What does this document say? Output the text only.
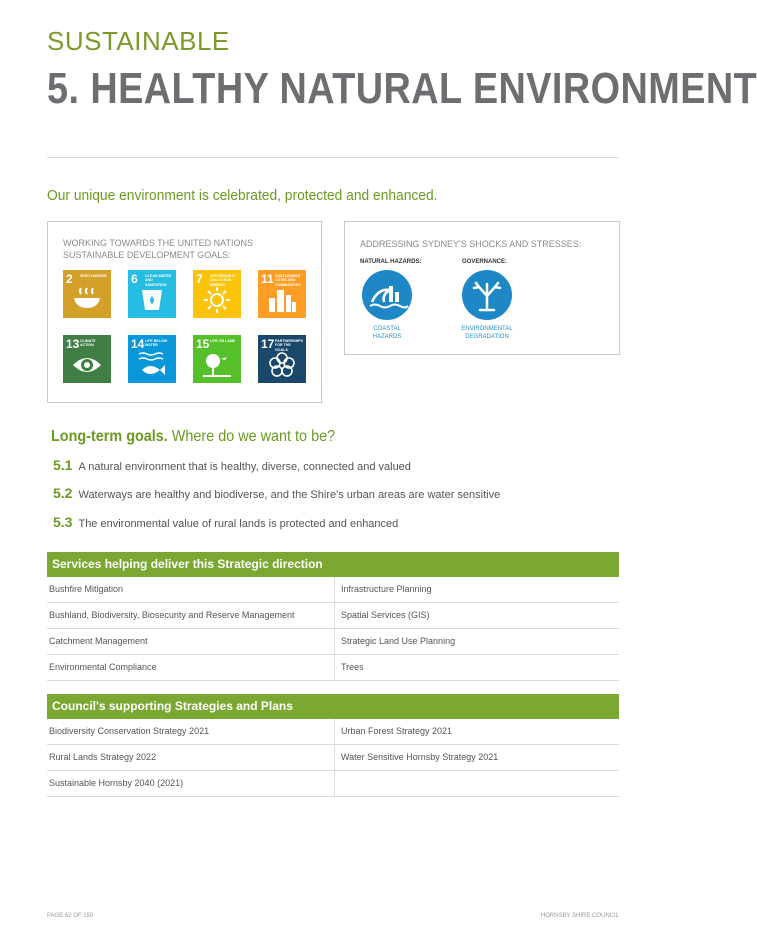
SUSTAINABLE
5. HEALTHY NATURAL ENVIRONMENT
Our unique environment is celebrated, protected and enhanced.
WORKING TOWARDS THE UNITED NATIONS
SUSTAINABLE DEVELOPMENT GOALS:
2 ZERO HUNGER 6 CLEAN WATER AND SANITATION	7 AFFORDABLE AND CLEAN ENERGY	11 SUSTAINABLE CITIES AND COMMUNITIES
13 CLIMATE ACTION	14 LIFE BELOW WATER	15 LIFE ON LAND 17 PARTNERSHIPS FOR THE GOALS
ADDRESSING SYDNEY'S SHOCKS AND STRESSES:
NATURAL HAZARDS:
COASTAL HAZARDS
GOVERNANCE:
ENVIRONMENTAL
DEGRADATION
Long-term goals. Where do we want to be?
5.1 A natural environment that is healthy, diverse, connected and valued
5.2 Waterways are healthy and biodiverse, and the Shire's urban areas are water sensitive
5.3 The environmental value of rural lands is protected and enhanced
Services helping deliver this Strategic direction
Bushfire Mitigation	Infrastructure Planning
Bushland, Biodiversity, Biosecurity and Reserve Management	Spatial Services (GIS)
Catchment Management	Strategic Land Use Planning
Environmental Compliance	Trees
Council's supporting Strategies and Plans
Biodiversity Conservation Strategy 2021	Urban Forest Strategy 2021
Rural Lands Strategy 2022	Water Sensitive Hornsby Strategy 2021
Sustainable Hornsby 2040 (2021)
PAGE 62 OF 150	HORNSBY SHIRE COUNCIL
